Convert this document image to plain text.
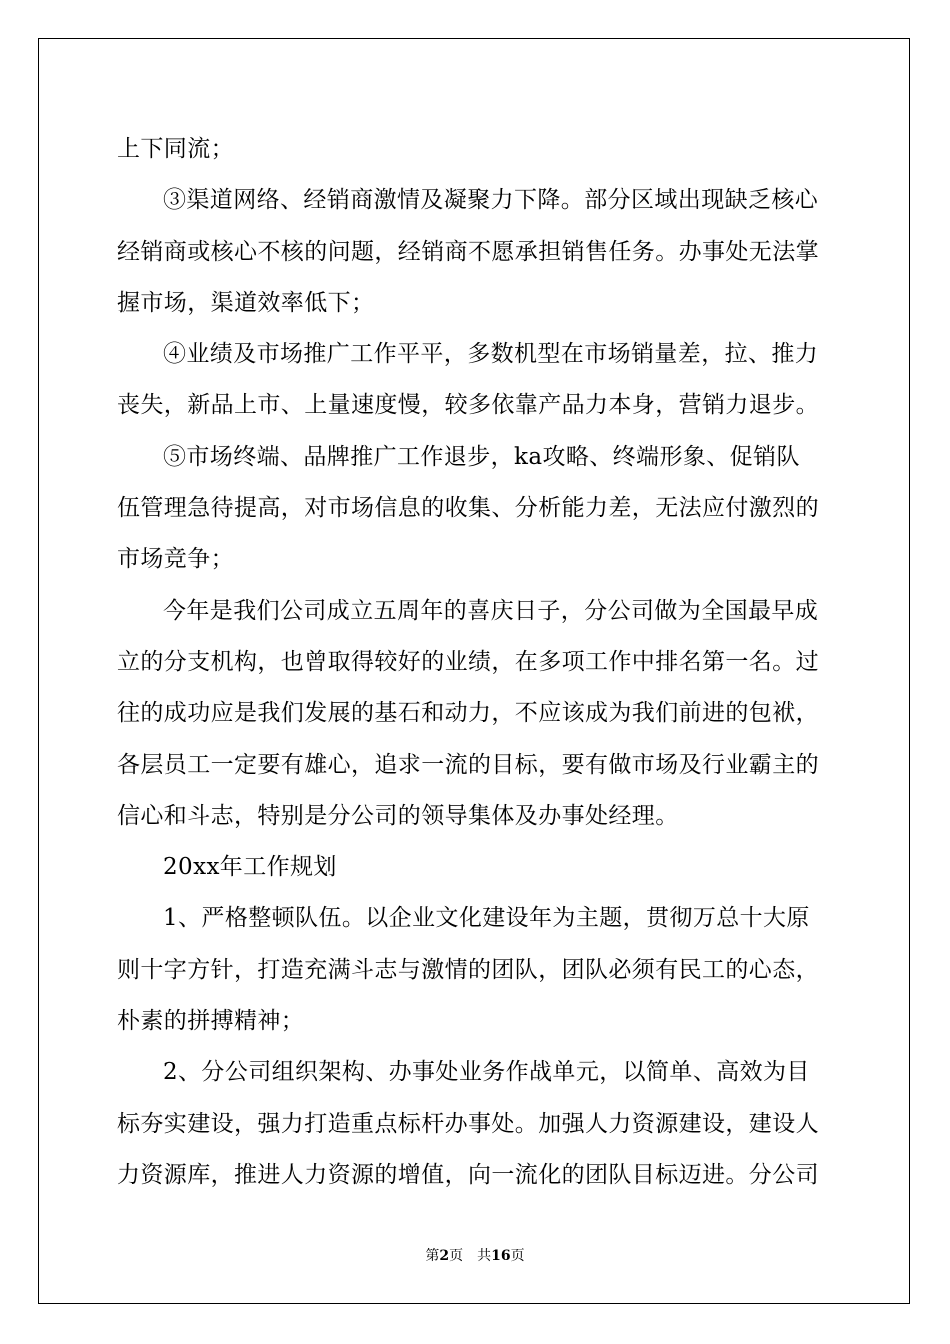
上下同流；
③渠道网络、经销商激情及凝聚力下降。部分区域出现缺乏核心
经销商或核心不核的问题，经销商不愿承担销售任务。办事处无法掌
握市场，渠道效率低下；
④业绩及市场推广工作平平，多数机型在市场销量差，拉、推力
丧失，新品上市、上量速度慢，较多依靠产品力本身，营销力退步。
⑤市场终端、品牌推广工作退步，ka攻略、终端形象、促销队
伍管理急待提高，对市场信息的收集、分析能力差，无法应付激烈的
市场竞争；
今年是我们公司成立五周年的喜庆日子，分公司做为全国最早成
立的分支机构，也曾取得较好的业绩，在多项工作中排名第一名。过
往的成功应是我们发展的基石和动力，不应该成为我们前进的包袱，
各层员工一定要有雄心，追求一流的目标，要有做市场及行业霸主的
信心和斗志，特别是分公司的领导集体及办事处经理。
20xx年工作规划
1、严格整顿队伍。以企业文化建设年为主题，贯彻万总十大原
则十字方针，打造充满斗志与激情的团队，团队必须有民工的心态，
朴素的拼搏精神；
2、分公司组织架构、办事处业务作战单元，以简单、高效为目
标夯实建设，强力打造重点标杆办事处。加强人力资源建设，建设人
力资源库，推进人力资源的增值，向一流化的团队目标迈进。分公司
第2页 共16页
